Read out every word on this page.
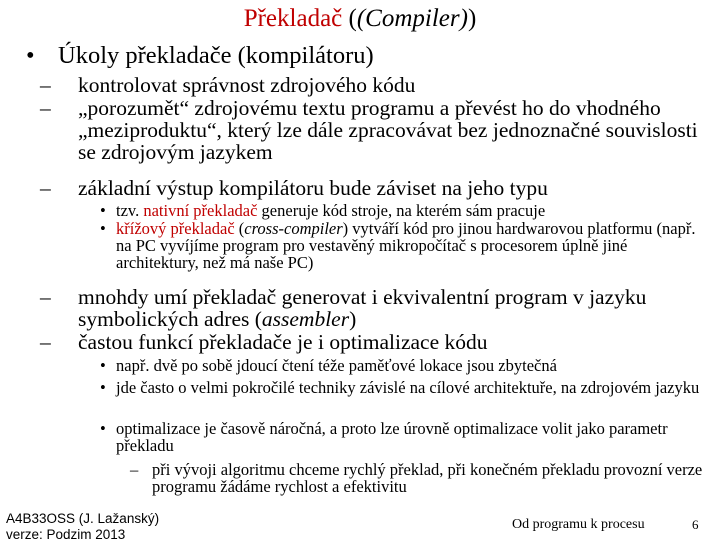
Překladač ((Compiler))
• Úkoly překladače (kompilátoru)
– kontrolovat správnost zdrojového kódu
– „porozumět“ zdrojovému textu programu a převést ho do vhodného „meziproduktu“, který lze dále zpracovávat bez jednoznačné souvislosti se zdrojovým jazykem
– základní výstup kompilátoru bude záviset na jeho typu
• tzv. nativní překladač generuje kód stroje, na kterém sám pracuje
• křížový překladač (cross-compiler) vytváří kód pro jinou hardwarovou platformu (např. na PC vyvíjíme program pro vestavěný mikropočítač s procesorem úplně jiné architektury, než má naše PC)
– mnohdy umí překladač generovat i ekvivalentní program v jazyku symbolických adres (assembler)
– častou funkcí překladače je i optimalizace kódu
• např. dvě po sobě jdoucí čtení téže paměťové lokace jsou zbytečná
• jde často o velmi pokročilé techniky závislé na cílové architektuře, na zdrojovém jazyku
• optimalizace je časově náročná, a proto lze úrovně optimalizace volit jako parametr překladu
– při vývoji algoritmu chceme rychlý překlad, při konečném překladu provozní verze programu žádáme rychlost a efektivitu
A4B33OSS (J. Lažanský)
verze: Podzim 2013
Od programu k procesu	6
